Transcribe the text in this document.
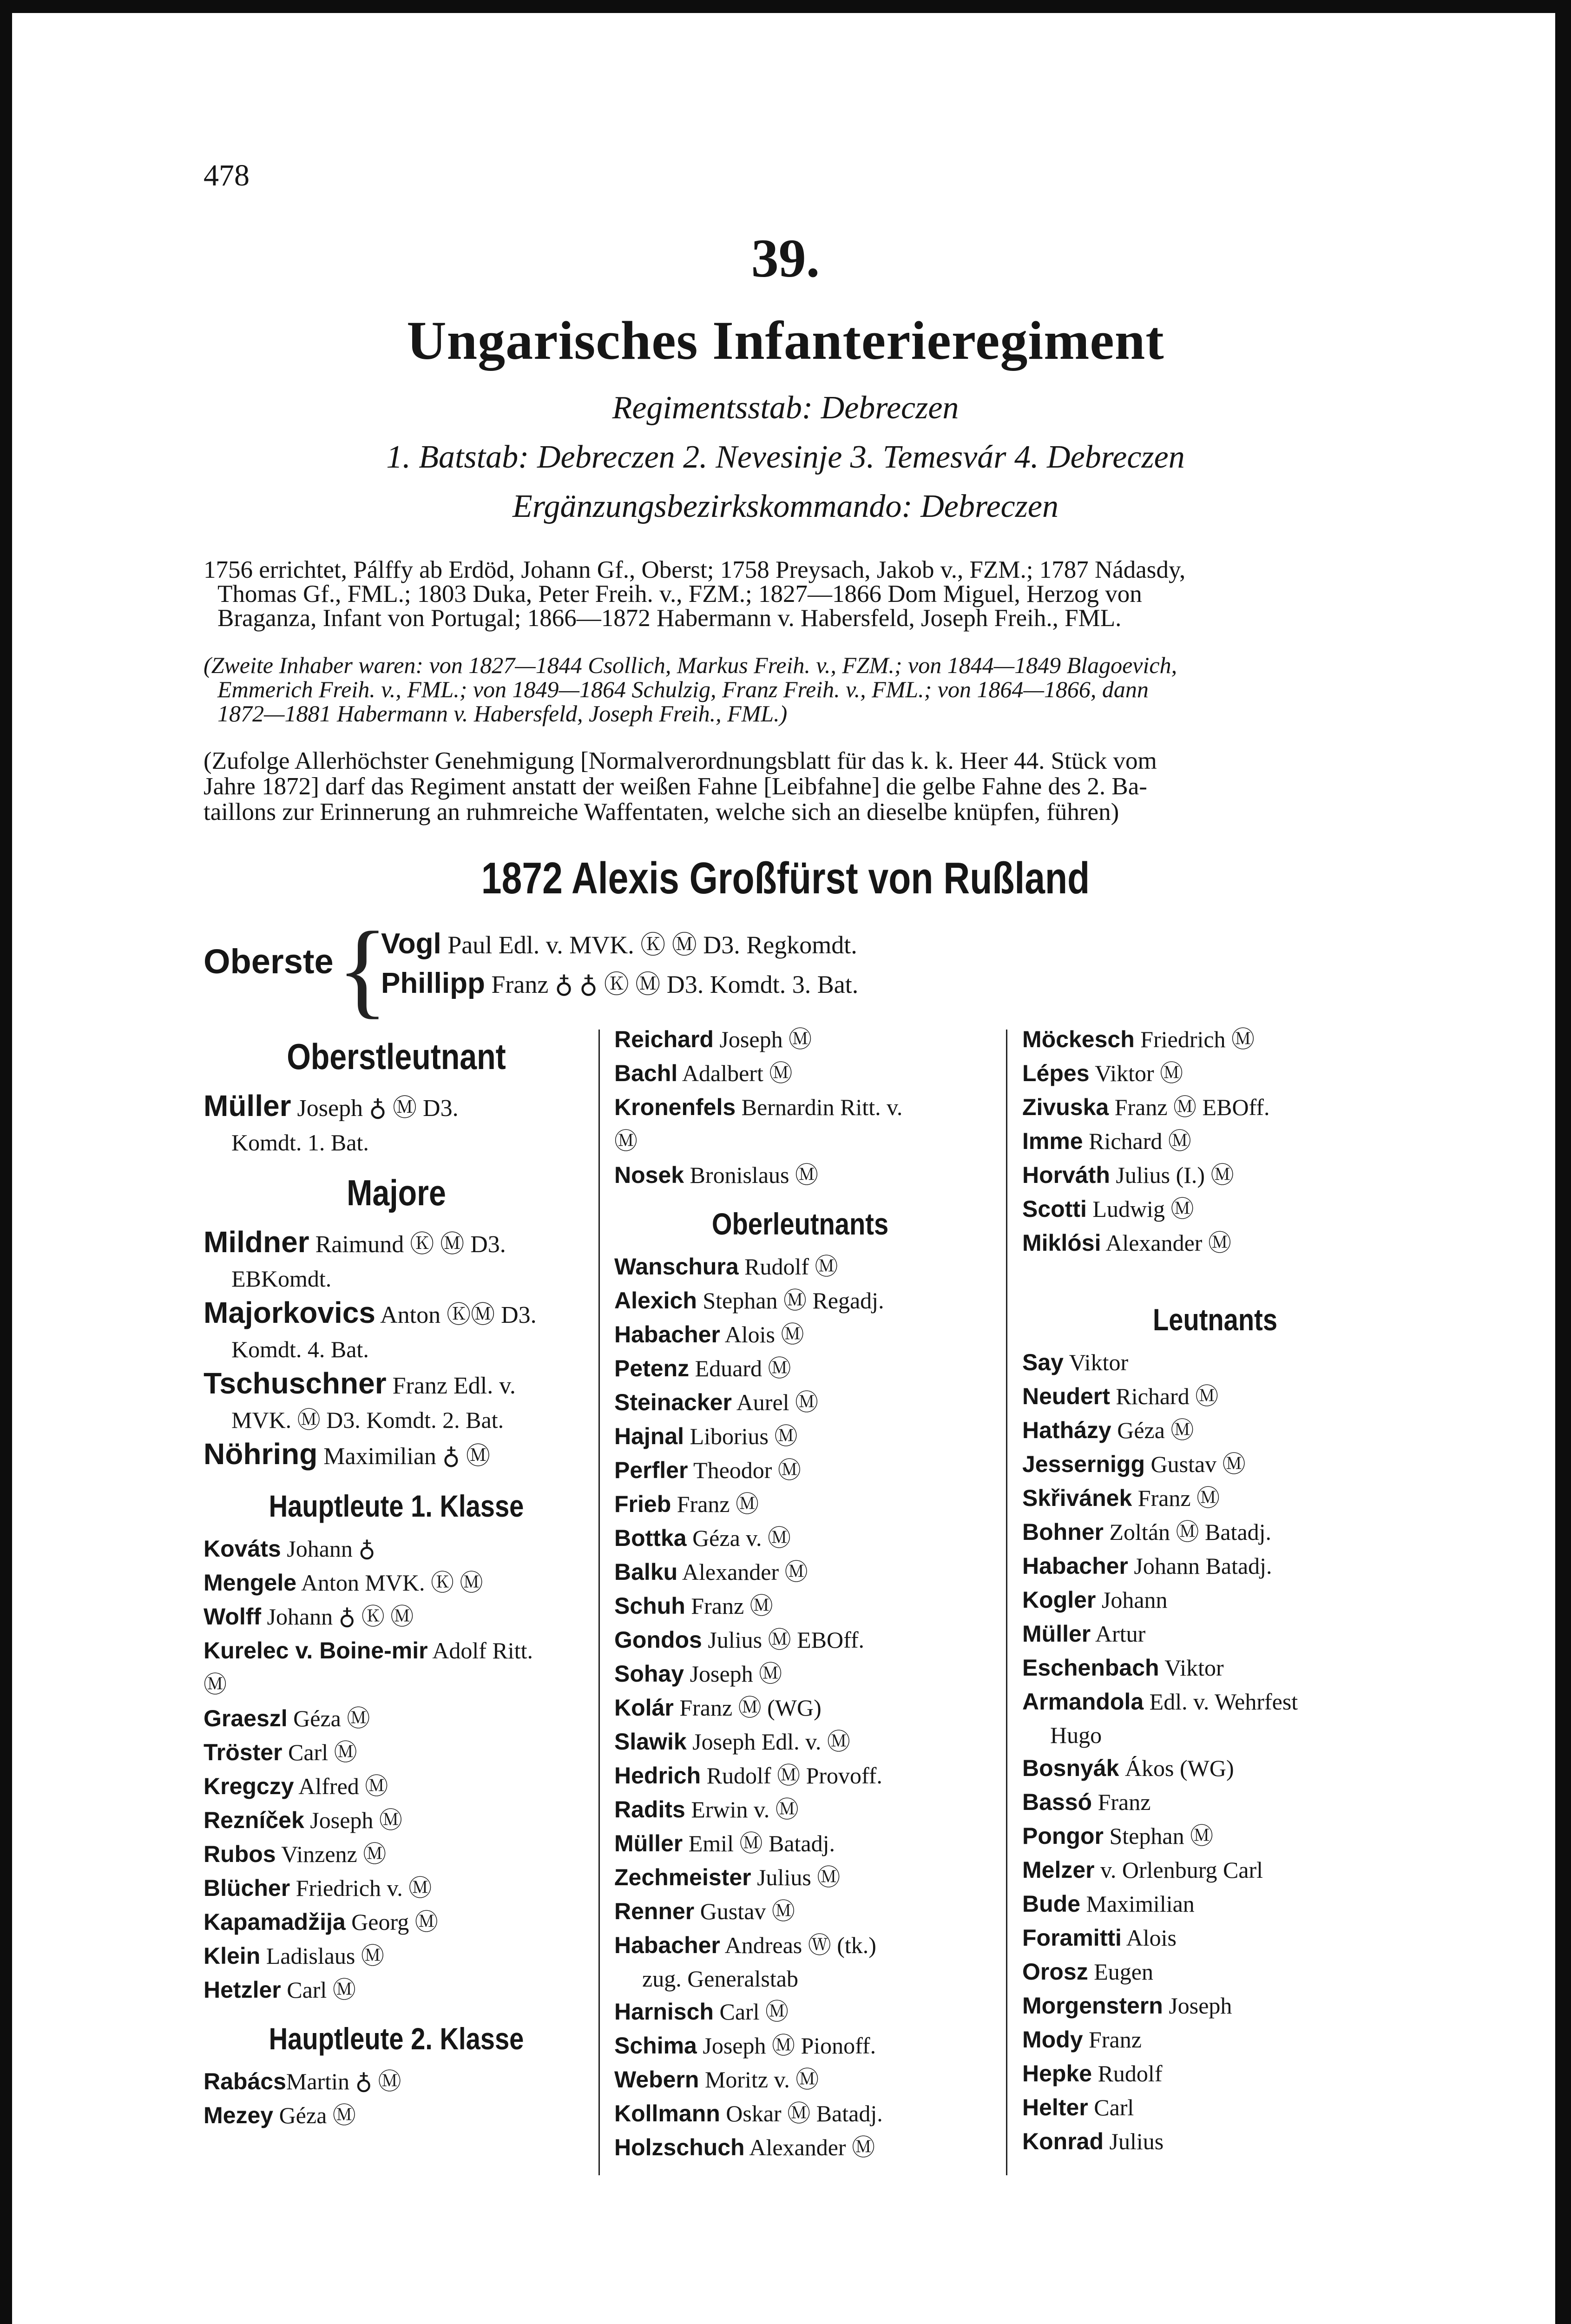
478
39.
Ungarisches Infanterieregiment
Regimentsstab: Debreczen
1. Batstab: Debreczen 2. Nevesinje 3. Temesvár 4. Debreczen
Ergänzungsbezirkskommando: Debreczen

1756 errichtet, Pálffy ab Erdöd, Johann Gf., Oberst; 1758 Preysach, Jakob v., FZM.; 1787 Nádasdy,

Thomas Gf., FML.; 1803 Duka, Peter Freih. v., FZM.; 1827—1866 Dom Miguel, Herzog von

Braganza, Infant von Portugal; 1866—1872 Habermann v. Habersfeld, Joseph Freih., FML.

(Zweite Inhaber waren: von 1827—1844 Csollich, Markus Freih. v., FZM.; von 1844—1849 Blagoevich,

Emmerich Freih. v., FML.; von 1849—1864 Schulzig, Franz Freih. v., FML.; von 1864—1866, dann

1872—1881 Habermann v. Habersfeld, Joseph Freih., FML.)

(Zufolge Allerhöchster Genehmigung [Normalverordnungsblatt für das k. k. Heer 44. Stück vom

Jahre 1872] darf das Regiment anstatt der weißen Fahne [Leibfahne] die gelbe Fahne des 2. Ba-

taillons zur Erinnerung an ruhmreiche Waffentaten, welche sich an dieselbe knüpfen, führen)

1872 Alexis Großfürst von Rußland
Oberste {
Vogl Paul Edl. v. MVK. Ⓚ Ⓜ D3. Regkomdt.
Phillipp Franz ♁ ♁ Ⓚ Ⓜ D3. Komdt. 3. Bat.
Oberstleutnant
Müller Joseph ♁ Ⓜ D3.
Komdt. 1. Bat.
Majore
Mildner Raimund Ⓚ Ⓜ D3.
EBKomdt.
Majorkovics Anton ⓀⓂ D3.
Komdt. 4. Bat.
Tschuschner Franz Edl. v.
MVK. Ⓜ D3. Komdt. 2. Bat.
Nöhring Maximilian ♁ Ⓜ
Hauptleute 1. Klasse
Kováts Johann ♁
Mengele Anton MVK. Ⓚ Ⓜ
Wolff Johann ♁ Ⓚ Ⓜ
Kurelec v. Boine-mir Adolf Ritt.
Ⓜ
Graeszl Géza Ⓜ
Tröster Carl Ⓜ
Kregczy Alfred Ⓜ
Rezníček Joseph Ⓜ
Rubos Vinzenz Ⓜ
Blücher Friedrich v. Ⓜ
Kapamadžija Georg Ⓜ
Klein Ladislaus Ⓜ
Hetzler Carl Ⓜ
Hauptleute 2. Klasse
RabácsMartin ♁ Ⓜ
Mezey Géza Ⓜ
Reichard Joseph Ⓜ
Bachl Adalbert Ⓜ
Kronenfels Bernardin Ritt. v.
Ⓜ
Nosek Bronislaus Ⓜ
Oberleutnants
Wanschura Rudolf Ⓜ
Alexich Stephan Ⓜ Regadj.
Habacher Alois Ⓜ
Petenz Eduard Ⓜ
Steinacker Aurel Ⓜ
Hajnal Liborius Ⓜ
Perfler Theodor Ⓜ
Frieb Franz Ⓜ
Bottka Géza v. Ⓜ
Balku Alexander Ⓜ
Schuh Franz Ⓜ
Gondos Julius Ⓜ EBOff.
Sohay Joseph Ⓜ
Kolár Franz Ⓜ (WG)
Slawik Joseph Edl. v. Ⓜ
Hedrich Rudolf Ⓜ Provoff.
Radits Erwin v. Ⓜ
Müller Emil Ⓜ Batadj.
Zechmeister Julius Ⓜ
Renner Gustav Ⓜ
Habacher Andreas Ⓦ (tk.)
zug. Generalstab
Harnisch Carl Ⓜ
Schima Joseph Ⓜ Pionoff.
Webern Moritz v. Ⓜ
Kollmann Oskar Ⓜ Batadj.
Holzschuch Alexander Ⓜ
Möckesch Friedrich Ⓜ
Lépes Viktor Ⓜ
Zivuska Franz Ⓜ EBOff.
Imme Richard Ⓜ
Horváth Julius (I.) Ⓜ
Scotti Ludwig Ⓜ
Miklósi Alexander Ⓜ
Leutnants
Say Viktor
Neudert Richard Ⓜ
Hatházy Géza Ⓜ
Jessernigg Gustav Ⓜ
Skřivánek Franz Ⓜ
Bohner Zoltán Ⓜ Batadj.
Habacher Johann Batadj.
Kogler Johann
Müller Artur
Eschenbach Viktor
Armandola Edl. v. Wehrfest
Hugo
Bosnyák Ákos (WG)
Bassó Franz
Pongor Stephan Ⓜ
Melzer v. Orlenburg Carl
Bude Maximilian
Foramitti Alois
Orosz Eugen
Morgenstern Joseph
Mody Franz
Hepke Rudolf
Helter Carl
Konrad Julius
